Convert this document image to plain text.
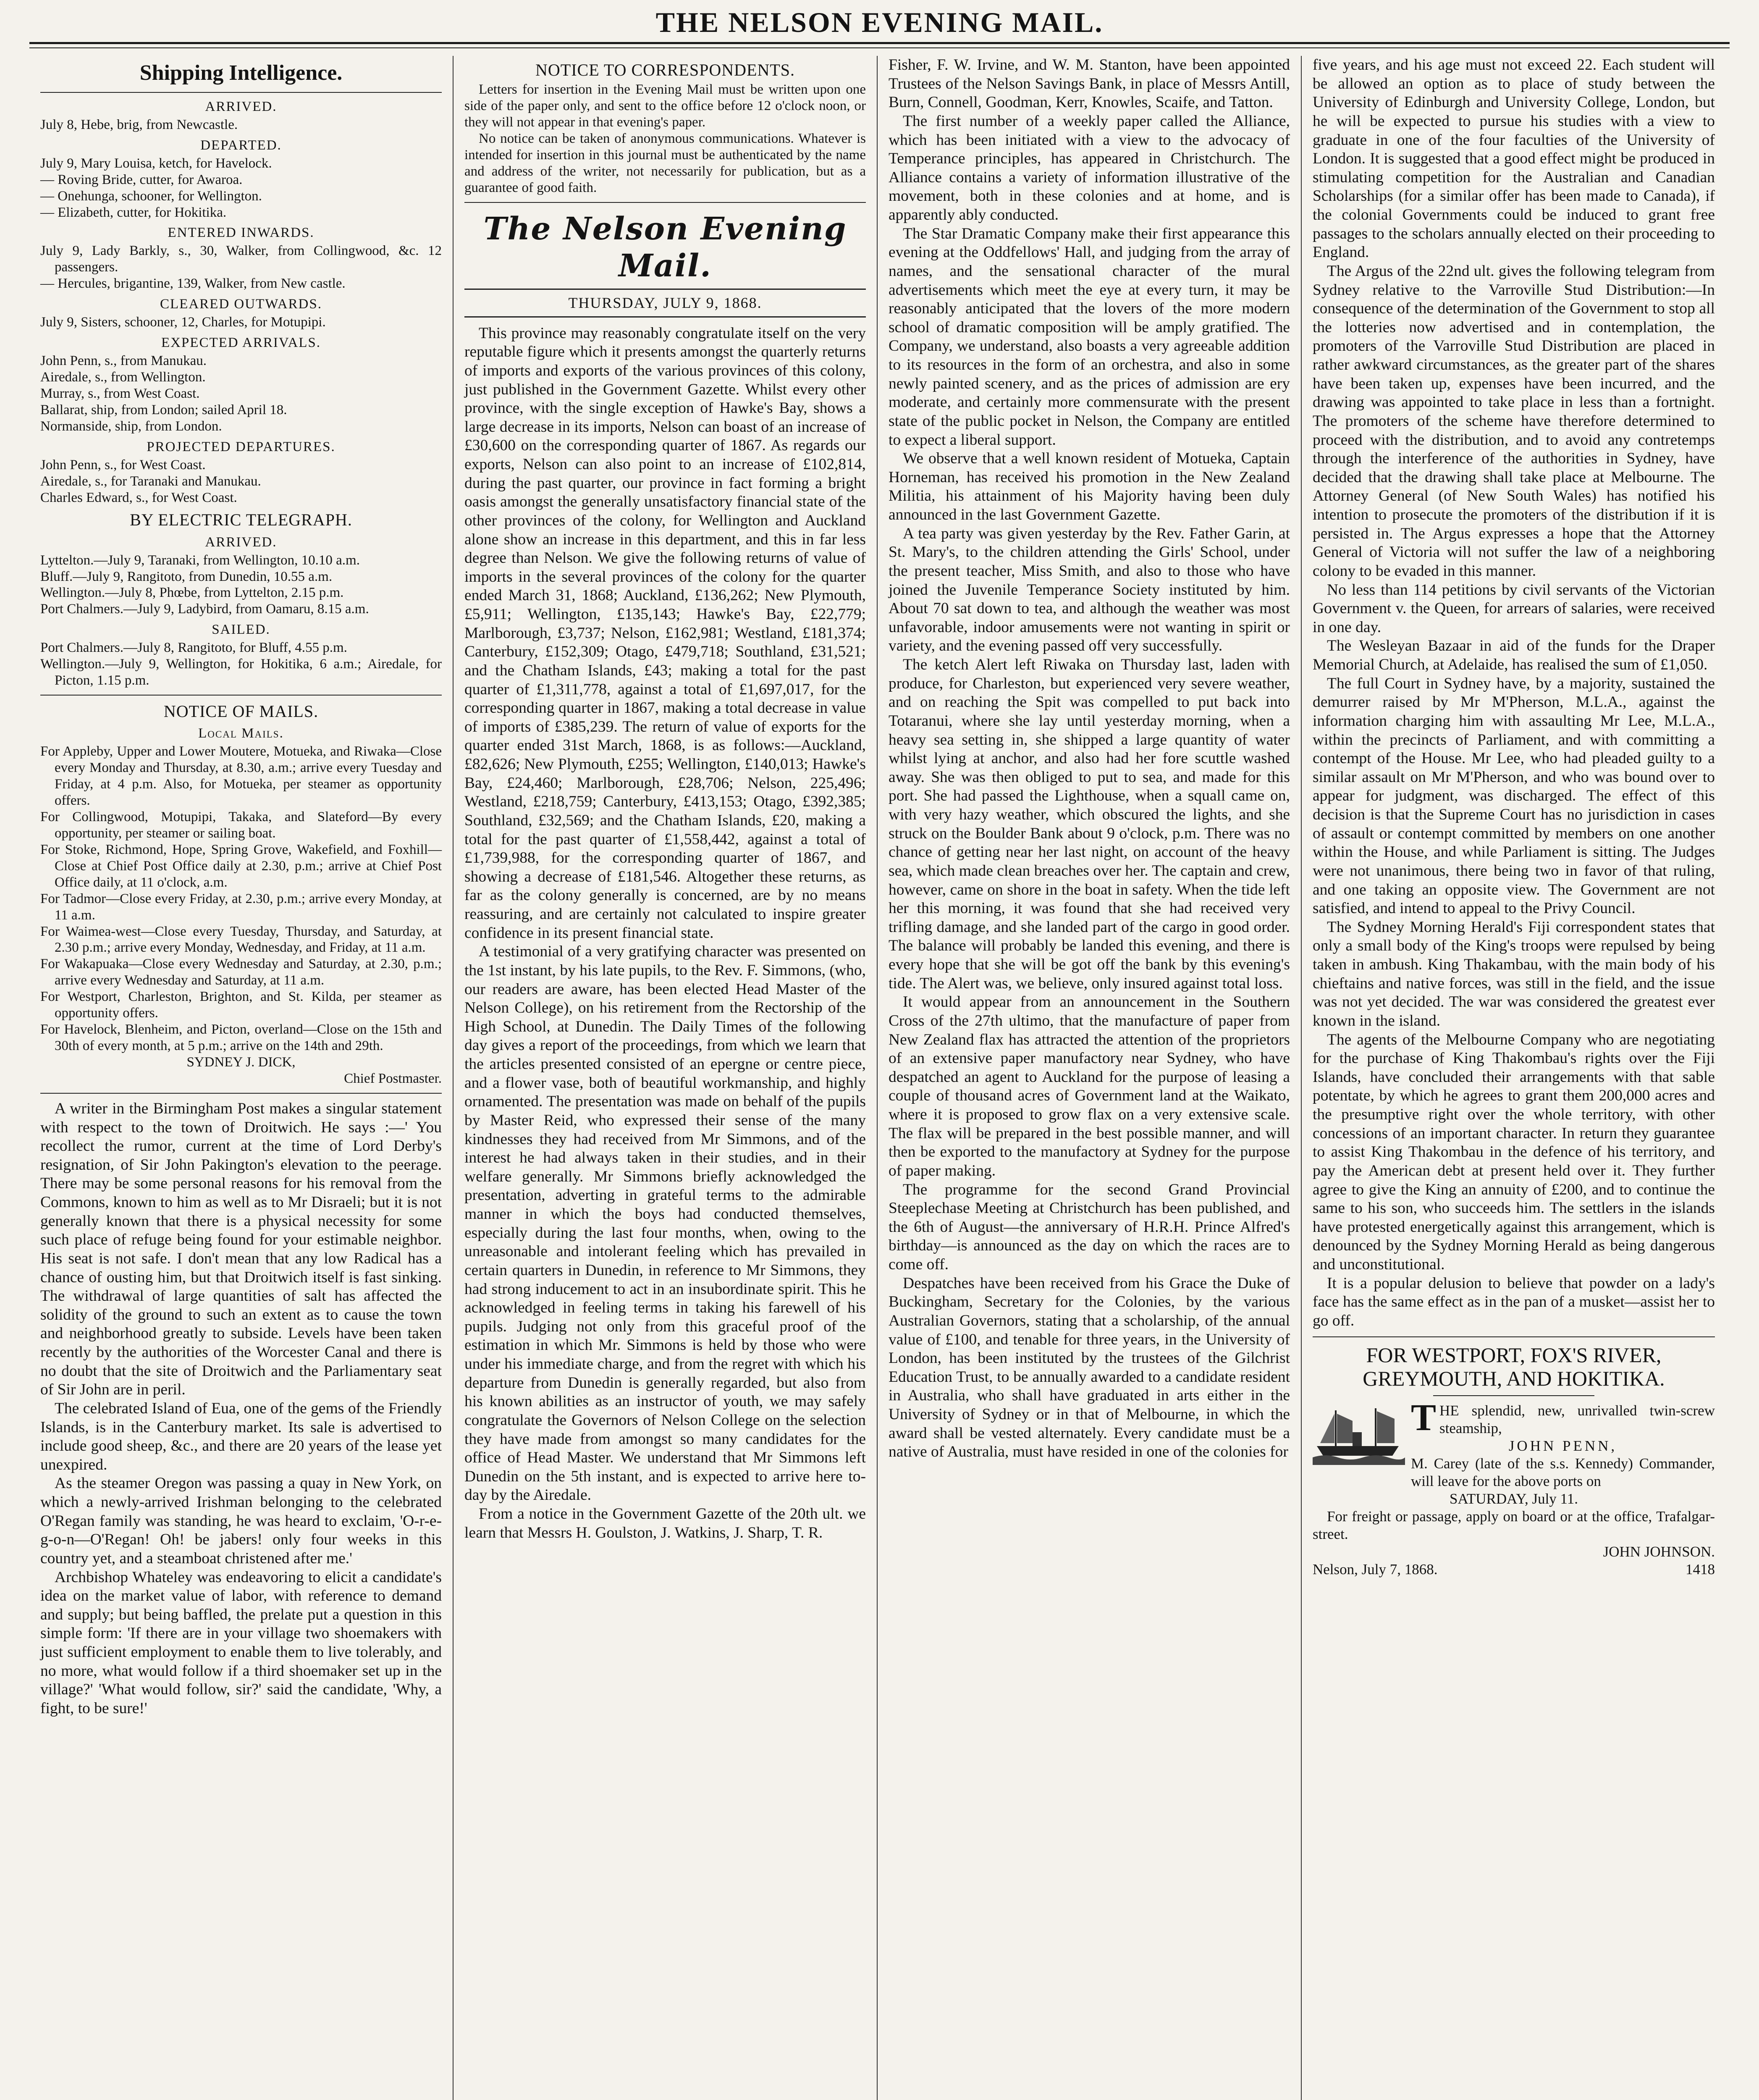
THE NELSON EVENING MAIL.
Shipping Intelligence.
ARRIVED.
July 8, Hebe, brig, from Newcastle.
DEPARTED.
July 9, Mary Louisa, ketch, for Havelock.
— Roving Bride, cutter, for Awaroa.
— Onehunga, schooner, for Wellington.
— Elizabeth, cutter, for Hokitika.
ENTERED INWARDS.
July 9, Lady Barkly, s., 30, Walker, from Collingwood, &c. 12 passengers.
— Hercules, brigantine, 139, Walker, from New castle.
CLEARED OUTWARDS.
July 9, Sisters, schooner, 12, Charles, for Motupipi.
EXPECTED ARRIVALS.
John Penn, s., from Manukau.
Airedale, s., from Wellington.
Murray, s., from West Coast.
Ballarat, ship, from London; sailed April 18.
Normanside, ship, from London.
PROJECTED DEPARTURES.
John Penn, s., for West Coast.
Airedale, s., for Taranaki and Manukau.
Charles Edward, s., for West Coast.
BY ELECTRIC TELEGRAPH.
ARRIVED.
Lyttelton.—July 9, Taranaki, from Wellington, 10.10 a.m.
Bluff.—July 9, Rangitoto, from Dunedin, 10.55 a.m.
Wellington.—July 8, Phœbe, from Lyttelton, 2.15 p.m.
Port Chalmers.—July 9, Ladybird, from Oamaru, 8.15 a.m.
SAILED.
Port Chalmers.—July 8, Rangitoto, for Bluff, 4.55 p.m.
Wellington.—July 9, Wellington, for Hokitika, 6 a.m.; Airedale, for Picton, 1.15 p.m.
NOTICE OF MAILS.
Local Mails.
For Appleby, Upper and Lower Moutere, Motueka, and Riwaka—Close every Monday and Thursday, at 8.30, a.m.; arrive every Tuesday and Friday, at 4 p.m. Also, for Motueka, per steamer as opportunity offers.
For Collingwood, Motupipi, Takaka, and Slateford—By every opportunity, per steamer or sailing boat.
For Stoke, Richmond, Hope, Spring Grove, Wakefield, and Foxhill—Close at Chief Post Office daily at 2.30, p.m.; arrive at Chief Post Office daily, at 11 o'clock, a.m.
For Tadmor—Close every Friday, at 2.30, p.m.; arrive every Monday, at 11 a.m.
For Waimea-west—Close every Tuesday, Thursday, and Saturday, at 2.30 p.m.; arrive every Monday, Wednesday, and Friday, at 11 a.m.
For Wakapuaka—Close every Wednesday and Saturday, at 2.30, p.m.; arrive every Wednesday and Saturday, at 11 a.m.
For Westport, Charleston, Brighton, and St. Kilda, per steamer as opportunity offers.
For Havelock, Blenheim, and Picton, overland—Close on the 15th and 30th of every month, at 5 p.m.; arrive on the 14th and 29th.
SYDNEY J. DICK,
Chief Postmaster.

A writer in the Birmingham Post makes a singular statement with respect to the town of Droitwich. He says :—' You recollect the rumor, current at the time of Lord Derby's resignation, of Sir John Pakington's elevation to the peerage. There may be some personal reasons for his removal from the Commons, known to him as well as to Mr Disraeli; but it is not generally known that there is a physical necessity for some such place of refuge being found for your estimable neighbor. His seat is not safe. I don't mean that any low Radical has a chance of ousting him, but that Droitwich itself is fast sinking. The withdrawal of large quantities of salt has affected the solidity of the ground to such an extent as to cause the town and neighborhood greatly to subside. Levels have been taken recently by the authorities of the Worcester Canal and there is no doubt that the site of Droitwich and the Parliamentary seat of Sir John are in peril.

The celebrated Island of Eua, one of the gems of the Friendly Islands, is in the Canterbury market. Its sale is advertised to include good sheep, &c., and there are 20 years of the lease yet unexpired.

As the steamer Oregon was passing a quay in New York, on which a newly-arrived Irishman belonging to the celebrated O'Regan family was standing, he was heard to exclaim, 'O-r-e-g-o-n—O'Regan! Oh! be jabers! only four weeks in this country yet, and a steamboat christened after me.'

Archbishop Whateley was endeavoring to elicit a candidate's idea on the market value of labor, with reference to demand and supply; but being baffled, the prelate put a question in this simple form: 'If there are in your village two shoemakers with just sufficient employment to enable them to live tolerably, and no more, what would follow if a third shoemaker set up in the village?' 'What would follow, sir?' said the candidate, 'Why, a fight, to be sure!'

NOTICE TO CORRESPONDENTS.

Letters for insertion in the Evening Mail must be written upon one side of the paper only, and sent to the office before 12 o'clock noon, or they will not appear in that evening's paper.

No notice can be taken of anonymous communications. Whatever is intended for insertion in this journal must be authenticated by the name and address of the writer, not necessarily for publication, but as a guarantee of good faith.

The Nelson Evening Mail.
THURSDAY, JULY 9, 1868.

This province may reasonably congratulate itself on the very reputable figure which it presents amongst the quarterly returns of imports and exports of the various provinces of this colony, just published in the Government Gazette. Whilst every other province, with the single exception of Hawke's Bay, shows a large decrease in its imports, Nelson can boast of an increase of £30,600 on the corresponding quarter of 1867. As regards our exports, Nelson can also point to an increase of £102,814, during the past quarter, our province in fact forming a bright oasis amongst the generally unsatisfactory financial state of the other provinces of the colony, for Wellington and Auckland alone show an increase in this department, and this in far less degree than Nelson. We give the following returns of value of imports in the several provinces of the colony for the quarter ended March 31, 1868; Auckland, £136,262; New Plymouth, £5,911; Wellington, £135,143; Hawke's Bay, £22,779; Marlborough, £3,737; Nelson, £162,981; Westland, £181,374; Canterbury, £152,309; Otago, £479,718; Southland, £31,521; and the Chatham Islands, £43; making a total for the past quarter of £1,311,778, against a total of £1,697,017, for the corresponding quarter in 1867, making a total decrease in value of imports of £385,239. The return of value of exports for the quarter ended 31st March, 1868, is as follows:—Auckland, £82,626; New Plymouth, £255; Wellington, £140,013; Hawke's Bay, £24,460; Marlborough, £28,706; Nelson, 225,496; Westland, £218,759; Canterbury, £413,153; Otago, £392,385; Southland, £32,569; and the Chatham Islands, £20, making a total for the past quarter of £1,558,442, against a total of £1,739,988, for the corresponding quarter of 1867, and showing a decrease of £181,546. Altogether these returns, as far as the colony generally is concerned, are by no means reassuring, and are certainly not calculated to inspire greater confidence in its present financial state.

A testimonial of a very gratifying character was presented on the 1st instant, by his late pupils, to the Rev. F. Simmons, (who, our readers are aware, has been elected Head Master of the Nelson College), on his retirement from the Rectorship of the High School, at Dunedin. The Daily Times of the following day gives a report of the proceedings, from which we learn that the articles presented consisted of an epergne or centre piece, and a flower vase, both of beautiful workmanship, and highly ornamented. The presentation was made on behalf of the pupils by Master Reid, who expressed their sense of the many kindnesses they had received from Mr Simmons, and of the interest he had always taken in their studies, and in their welfare generally. Mr Simmons briefly acknowledged the presentation, adverting in grateful terms to the admirable manner in which the boys had conducted themselves, especially during the last four months, when, owing to the unreasonable and intolerant feeling which has prevailed in certain quarters in Dunedin, in reference to Mr Simmons, they had strong inducement to act in an insubordinate spirit. This he acknowledged in feeling terms in taking his farewell of his pupils. Judging not only from this graceful proof of the estimation in which Mr. Simmons is held by those who were under his immediate charge, and from the regret with which his departure from Dunedin is generally regarded, but also from his known abilities as an instructor of youth, we may safely congratulate the Governors of Nelson College on the selection they have made from amongst so many candidates for the office of Head Master. We understand that Mr Simmons left Dunedin on the 5th instant, and is expected to arrive here to-day by the Airedale.

From a notice in the Government Gazette of the 20th ult. we learn that Messrs H. Goulston, J. Watkins, J. Sharp, T. R.

Fisher, F. W. Irvine, and W. M. Stanton, have been appointed Trustees of the Nelson Savings Bank, in place of Messrs Antill, Burn, Connell, Goodman, Kerr, Knowles, Scaife, and Tatton.

The first number of a weekly paper called the Alliance, which has been initiated with a view to the advocacy of Temperance principles, has appeared in Christchurch. The Alliance contains a variety of information illustrative of the movement, both in these colonies and at home, and is apparently ably conducted.

The Star Dramatic Company make their first appearance this evening at the Oddfellows' Hall, and judging from the array of names, and the sensational character of the mural advertisements which meet the eye at every turn, it may be reasonably anticipated that the lovers of the more modern school of dramatic composition will be amply gratified. The Company, we understand, also boasts a very agreeable addition to its resources in the form of an orchestra, and also in some newly painted scenery, and as the prices of admission are ery moderate, and certainly more commensurate with the present state of the public pocket in Nelson, the Company are entitled to expect a liberal support.

We observe that a well known resident of Motueka, Captain Horneman, has received his promotion in the New Zealand Militia, his attainment of his Majority having been duly announced in the last Government Gazette.

A tea party was given yesterday by the Rev. Father Garin, at St. Mary's, to the children attending the Girls' School, under the present teacher, Miss Smith, and also to those who have joined the Juvenile Temperance Society instituted by him. About 70 sat down to tea, and although the weather was most unfavorable, indoor amusements were not wanting in spirit or variety, and the evening passed off very successfully.

The ketch Alert left Riwaka on Thursday last, laden with produce, for Charleston, but experienced very severe weather, and on reaching the Spit was compelled to put back into Totaranui, where she lay until yesterday morning, when a heavy sea setting in, she shipped a large quantity of water whilst lying at anchor, and also had her fore scuttle washed away. She was then obliged to put to sea, and made for this port. She had passed the Lighthouse, when a squall came on, with very hazy weather, which obscured the lights, and she struck on the Boulder Bank about 9 o'clock, p.m. There was no chance of getting near her last night, on account of the heavy sea, which made clean breaches over her. The captain and crew, however, came on shore in the boat in safety. When the tide left her this morning, it was found that she had received very trifling damage, and she landed part of the cargo in good order. The balance will probably be landed this evening, and there is every hope that she will be got off the bank by this evening's tide. The Alert was, we believe, only insured against total loss.

It would appear from an announcement in the Southern Cross of the 27th ultimo, that the manufacture of paper from New Zealand flax has attracted the attention of the proprietors of an extensive paper manufactory near Sydney, who have despatched an agent to Auckland for the purpose of leasing a couple of thousand acres of Government land at the Waikato, where it is proposed to grow flax on a very extensive scale. The flax will be prepared in the best possible manner, and will then be exported to the manufactory at Sydney for the purpose of paper making.

The programme for the second Grand Provincial Steeplechase Meeting at Christchurch has been published, and the 6th of August—the anniversary of H.R.H. Prince Alfred's birthday—is announced as the day on which the races are to come off.

Despatches have been received from his Grace the Duke of Buckingham, Secretary for the Colonies, by the various Australian Governors, stating that a scholarship, of the annual value of £100, and tenable for three years, in the University of London, has been instituted by the trustees of the Gilchrist Education Trust, to be annually awarded to a candidate resident in Australia, who shall have graduated in arts either in the University of Sydney or in that of Melbourne, in which the award shall be vested alternately. Every candidate must be a native of Australia, must have resided in one of the colonies for

five years, and his age must not exceed 22. Each student will be allowed an option as to place of study between the University of Edinburgh and University College, London, but he will be expected to pursue his studies with a view to graduate in one of the four faculties of the University of London. It is suggested that a good effect might be produced in stimulating competition for the Australian and Canadian Scholarships (for a similar offer has been made to Canada), if the colonial Governments could be induced to grant free passages to the scholars annually elected on their proceeding to England.

The Argus of the 22nd ult. gives the following telegram from Sydney relative to the Varroville Stud Distribution:—In consequence of the determination of the Government to stop all the lotteries now advertised and in contemplation, the promoters of the Varroville Stud Distribution are placed in rather awkward circumstances, as the greater part of the shares have been taken up, expenses have been incurred, and the drawing was appointed to take place in less than a fortnight. The promoters of the scheme have therefore determined to proceed with the distribution, and to avoid any contretemps through the interference of the authorities in Sydney, have decided that the drawing shall take place at Melbourne. The Attorney General (of New South Wales) has notified his intention to prosecute the promoters of the distribution if it is persisted in. The Argus expresses a hope that the Attorney General of Victoria will not suffer the law of a neighboring colony to be evaded in this manner.

No less than 114 petitions by civil servants of the Victorian Government v. the Queen, for arrears of salaries, were received in one day.

The Wesleyan Bazaar in aid of the funds for the Draper Memorial Church, at Adelaide, has realised the sum of £1,050.

The full Court in Sydney have, by a majority, sustained the demurrer raised by Mr M'Pherson, M.L.A., against the information charging him with assaulting Mr Lee, M.L.A., within the precincts of Parliament, and with committing a contempt of the House. Mr Lee, who had pleaded guilty to a similar assault on Mr M'Pherson, and who was bound over to appear for judgment, was discharged. The effect of this decision is that the Supreme Court has no jurisdiction in cases of assault or contempt committed by members on one another within the House, and while Parliament is sitting. The Judges were not unanimous, there being two in favor of that ruling, and one taking an opposite view. The Government are not satisfied, and intend to appeal to the Privy Council.

The Sydney Morning Herald's Fiji correspondent states that only a small body of the King's troops were repulsed by being taken in ambush. King Thakambau, with the main body of his chieftains and native forces, was still in the field, and the issue was not yet decided. The war was considered the greatest ever known in the island.

The agents of the Melbourne Company who are negotiating for the purchase of King Thakombau's rights over the Fiji Islands, have concluded their arrangements with that sable potentate, by which he agrees to grant them 200,000 acres and the presumptive right over the whole territory, with other concessions of an important character. In return they guarantee to assist King Thakombau in the defence of his territory, and pay the American debt at present held over it. They further agree to give the King an annuity of £200, and to continue the same to his son, who succeeds him. The settlers in the islands have protested energetically against this arrangement, which is denounced by the Sydney Morning Herald as being dangerous and unconstitutional.

It is a popular delusion to believe that powder on a lady's face has the same effect as in the pan of a musket—assist her to go off.

FOR WESTPORT, FOX'S RIVER, GREYMOUTH, AND HOKITIKA.
T HE splendid, new, unrivalled twin-screw steamship,
JOHN PENN,
M. Carey (late of the s.s. Kennedy) Commander, will leave for the above ports on
SATURDAY, July 11.
For freight or passage, apply on board or at the office, Trafalgar-street.
JOHN JOHNSON.
Nelson, July 7, 1868.	1418
